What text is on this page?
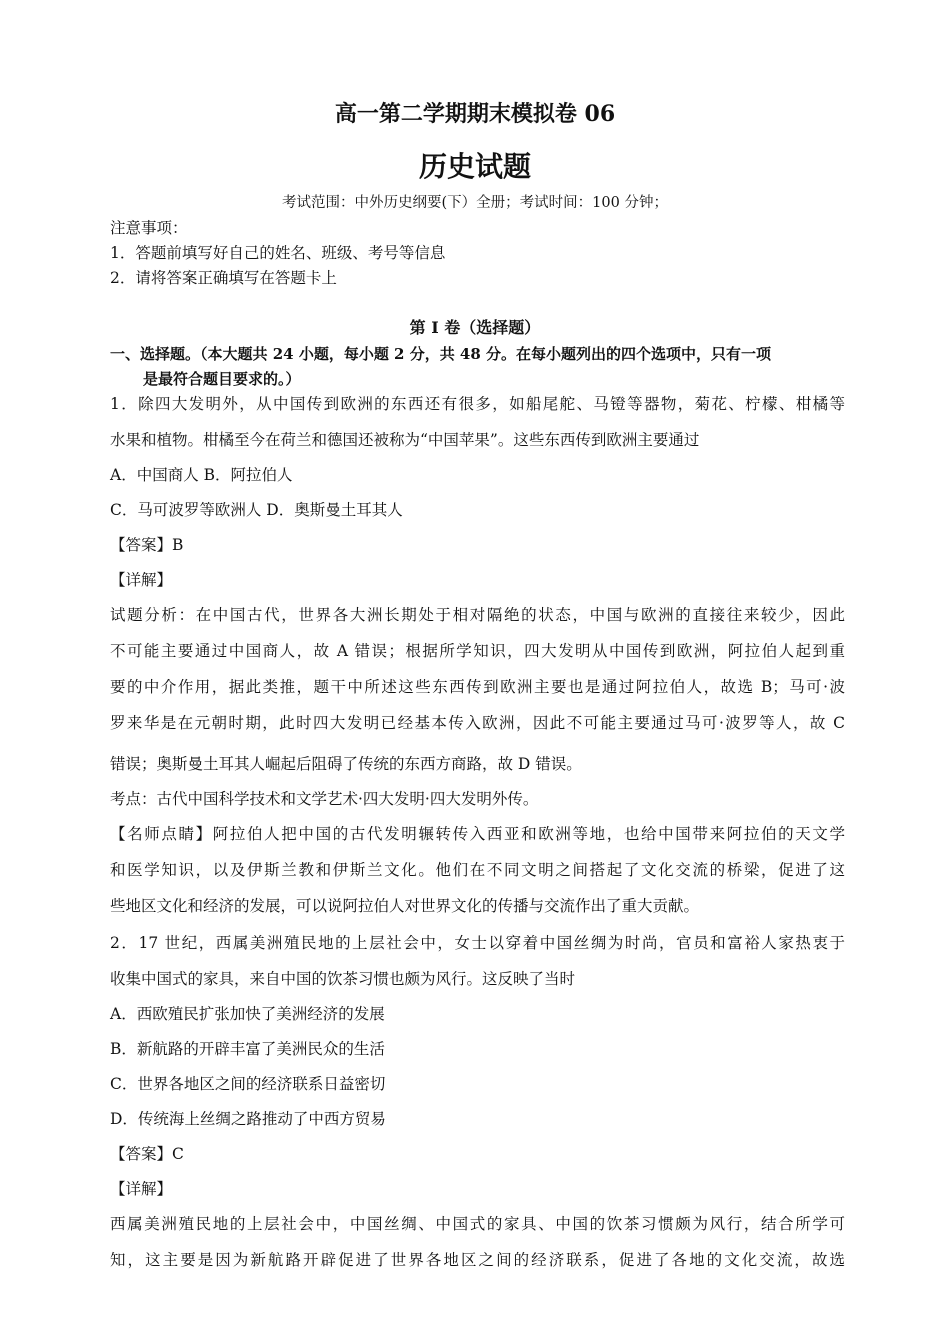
高一第二学期期末模拟卷 06
历史试题
考试范围：中外历史纲要(下）全册；考试时间：100 分钟；
注意事项：
1．答题前填写好自己的姓名、班级、考号等信息
2．请将答案正确填写在答题卡上
第 I 卷（选择题）
一、选择题。（本大题共 24 小题，每小题 2 分，共 48 分。在每小题列出的四个选项中，只有一项
是最符合题目要求的。）
1．除四大发明外，从中国传到欧洲的东西还有很多，如船尾舵、马镫等器物，菊花、柠檬、柑橘等
水果和植物。柑橘至今在荷兰和德国还被称为“中国苹果”。这些东西传到欧洲主要通过
A．中国商人 B．阿拉伯人
C．马可波罗等欧洲人 D．奥斯曼土耳其人
【答案】B
【详解】
试题分析：在中国古代，世界各大洲长期处于相对隔绝的状态，中国与欧洲的直接往来较少，因此
不可能主要通过中国商人，故 A 错误；根据所学知识，四大发明从中国传到欧洲，阿拉伯人起到重
要的中介作用，据此类推，题干中所述这些东西传到欧洲主要也是通过阿拉伯人，故选 B；马可·波
罗来华是在元朝时期，此时四大发明已经基本传入欧洲，因此不可能主要通过马可·波罗等人，故 C
错误；奥斯曼土耳其人崛起后阻碍了传统的东西方商路，故 D 错误。
考点：古代中国科学技术和文学艺术·四大发明·四大发明外传。
【名师点睛】阿拉伯人把中国的古代发明辗转传入西亚和欧洲等地，也给中国带来阿拉伯的天文学
和医学知识，以及伊斯兰教和伊斯兰文化。他们在不同文明之间搭起了文化交流的桥梁，促进了这
些地区文化和经济的发展，可以说阿拉伯人对世界文化的传播与交流作出了重大贡献。
2．17 世纪，西属美洲殖民地的上层社会中，女士以穿着中国丝绸为时尚，官员和富裕人家热衷于
收集中国式的家具，来自中国的饮茶习惯也颇为风行。这反映了当时
A．西欧殖民扩张加快了美洲经济的发展
B．新航路的开辟丰富了美洲民众的生活
C．世界各地区之间的经济联系日益密切
D．传统海上丝绸之路推动了中西方贸易
【答案】C
【详解】
西属美洲殖民地的上层社会中，中国丝绸、中国式的家具、中国的饮茶习惯颇为风行，结合所学可
知，这主要是因为新航路开辟促进了世界各地区之间的经济联系，促进了各地的文化交流，故选
